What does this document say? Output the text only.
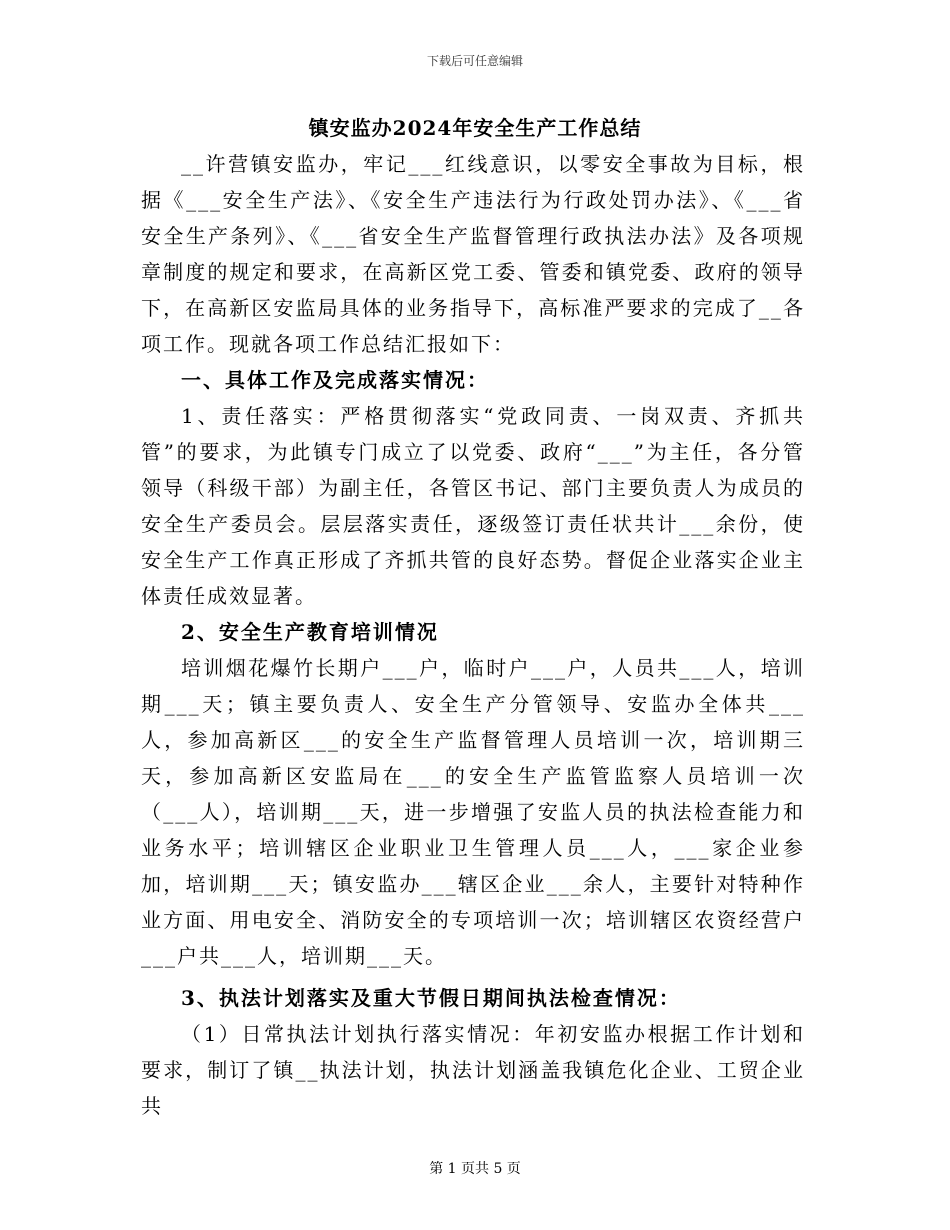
下载后可任意编辑
镇安监办2024年安全生产工作总结

__许营镇安监办，牢记___红线意识，以零安全事故为目标，根据《___安全生产法》、《安全生产违法行为行政处罚办法》、《___省安全生产条列》、《___省安全生产监督管理行政执法办法》及各项规章制度的规定和要求，在高新区党工委、管委和镇党委、政府的领导下，在高新区安监局具体的业务指导下，高标准严要求的完成了__各项工作。现就各项工作总结汇报如下：

一、具体工作及完成落实情况：

1、责任落实：严格贯彻落实“党政同责、一岗双责、齐抓共管”的要求，为此镇专门成立了以党委、政府“___”为主任，各分管领导（科级干部）为副主任，各管区书记、部门主要负责人为成员的安全生产委员会。层层落实责任，逐级签订责任状共计___余份，使安全生产工作真正形成了齐抓共管的良好态势。督促企业落实企业主体责任成效显著。

2、安全生产教育培训情况

培训烟花爆竹长期户___户，临时户___户，人员共___人，培训期___天；镇主要负责人、安全生产分管领导、安监办全体共___人，参加高新区___的安全生产监督管理人员培训一次，培训期三天，参加高新区安监局在___的安全生产监管监察人员培训一次（___人），培训期___天，进一步增强了安监人员的执法检查能力和业务水平；培训辖区企业职业卫生管理人员___人，___家企业参加，培训期___天；镇安监办___辖区企业___余人，主要针对特种作业方面、用电安全、消防安全的专项培训一次；培训辖区农资经营户___户共___人，培训期___天。

3、执法计划落实及重大节假日期间执法检查情况：

（1）日常执法计划执行落实情况：年初安监办根据工作计划和要求，制订了镇__执法计划，执法计划涵盖我镇危化企业、工贸企业共

第 1 页共 5 页
